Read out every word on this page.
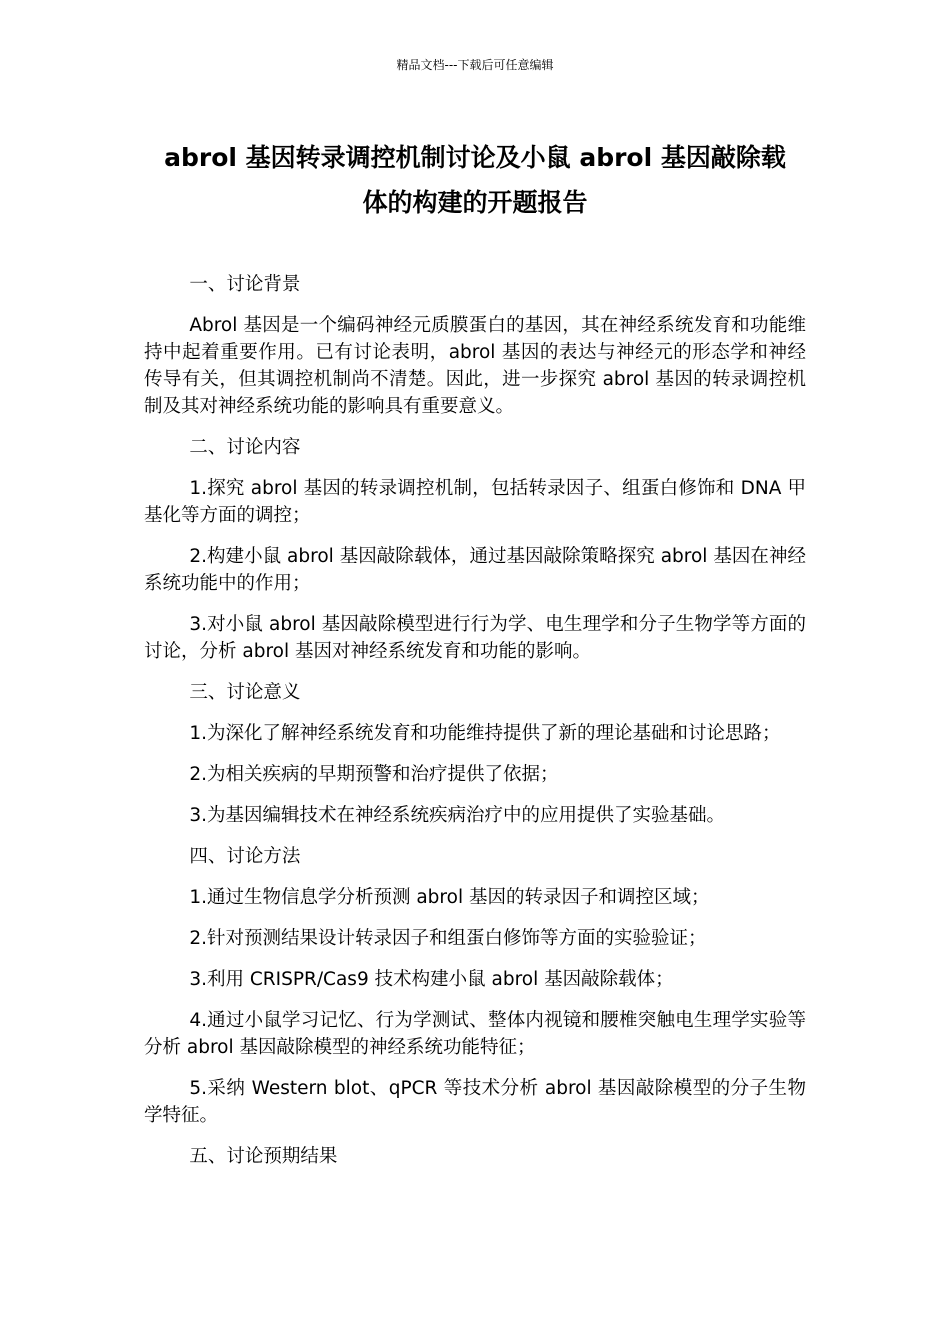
精品文档---下载后可任意编辑
abrol 基因转录调控机制讨论及小鼠 abrol 基因敲除载
体的构建的开题报告

一、讨论背景

Abrol 基因是一个编码神经元质膜蛋白的基因，其在神经系统发育和功能维持中起着重要作用。已有讨论表明，abrol 基因的表达与神经元的形态学和神经传导有关，但其调控机制尚不清楚。因此，进一步探究 abrol 基因的转录调控机制及其对神经系统功能的影响具有重要意义。

二、讨论内容

1.探究 abrol 基因的转录调控机制，包括转录因子、组蛋白修饰和 DNA 甲基化等方面的调控；

2.构建小鼠 abrol 基因敲除载体，通过基因敲除策略探究 abrol 基因在神经系统功能中的作用；

3.对小鼠 abrol 基因敲除模型进行行为学、电生理学和分子生物学等方面的讨论，分析 abrol 基因对神经系统发育和功能的影响。

三、讨论意义

1.为深化了解神经系统发育和功能维持提供了新的理论基础和讨论思路；

2.为相关疾病的早期预警和治疗提供了依据；

3.为基因编辑技术在神经系统疾病治疗中的应用提供了实验基础。

四、讨论方法

1.通过生物信息学分析预测 abrol 基因的转录因子和调控区域；

2.针对预测结果设计转录因子和组蛋白修饰等方面的实验验证；

3.利用 CRISPR/Cas9 技术构建小鼠 abrol 基因敲除载体；

4.通过小鼠学习记忆、行为学测试、整体内视镜和腰椎突触电生理学实验等分析 abrol 基因敲除模型的神经系统功能特征；

5.采纳 Western blot、qPCR 等技术分析 abrol 基因敲除模型的分子生物学特征。

五、讨论预期结果
